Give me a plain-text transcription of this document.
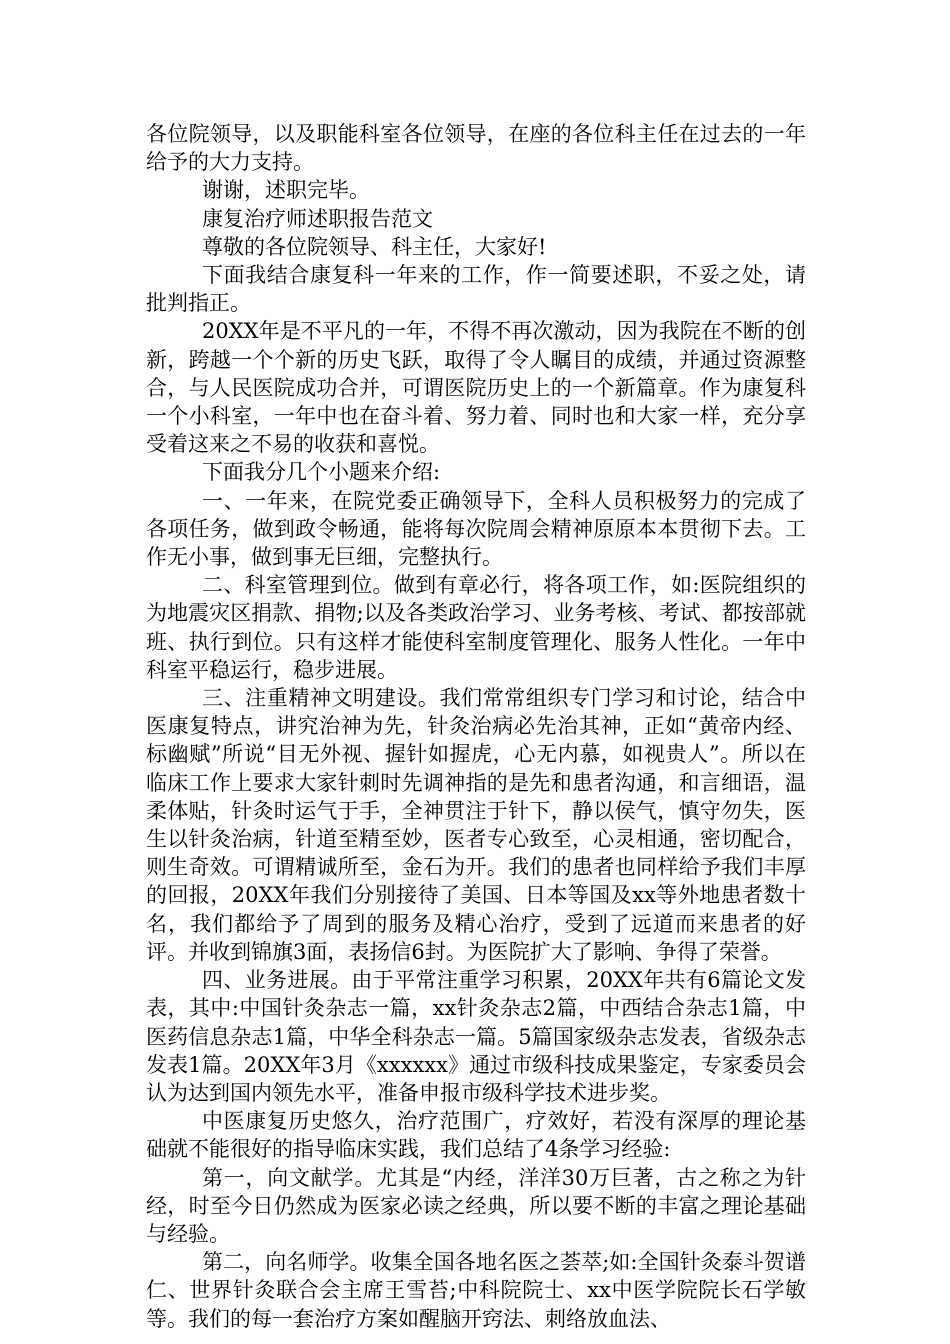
各位院领导，以及职能科室各位领导，在座的各位科主任在过去的一年给予的大力支持。

谢谢，述职完毕。

康复治疗师述职报告范文

尊敬的各位院领导、科主任，大家好!

下面我结合康复科一年来的工作，作一简要述职，不妥之处，请批判指正。

20XX年是不平凡的一年，不得不再次激动，因为我院在不断的创新，跨越一个个新的历史飞跃，取得了令人瞩目的成绩，并通过资源整合，与人民医院成功合并，可谓医院历史上的一个新篇章。作为康复科一个小科室，一年中也在奋斗着、努力着、同时也和大家一样，充分享受着这来之不易的收获和喜悦。

下面我分几个小题来介绍:

一、一年来，在院党委正确领导下，全科人员积极努力的完成了各项任务，做到政令畅通，能将每次院周会精神原原本本贯彻下去。工作无小事，做到事无巨细，完整执行。

二、科室管理到位。做到有章必行，将各项工作，如:医院组织的为地震灾区捐款、捐物;以及各类政治学习、业务考核、考试、都按部就班、执行到位。只有这样才能使科室制度管理化、服务人性化。一年中科室平稳运行，稳步进展。

三、注重精神文明建设。我们常常组织专门学习和讨论，结合中医康复特点，讲究治神为先，针灸治病必先治其神，正如“黄帝内经、标幽赋”所说“目无外视、握针如握虎，心无内慕，如视贵人”。所以在临床工作上要求大家针刺时先调神指的是先和患者沟通，和言细语，温柔体贴，针灸时运气于手，全神贯注于针下，静以侯气，慎守勿失，医生以针灸治病，针道至精至妙，医者专心致至，心灵相通，密切配合，则生奇效。可谓精诚所至，金石为开。我们的患者也同样给予我们丰厚的回报，20XX年我们分别接待了美国、日本等国及xx等外地患者数十名，我们都给予了周到的服务及精心治疗，受到了远道而来患者的好评。并收到锦旗3面，表扬信6封。为医院扩大了影响、争得了荣誉。

四、业务进展。由于平常注重学习积累，20XX年共有6篇论文发表，其中:中国针灸杂志一篇，xx针灸杂志2篇，中西结合杂志1篇，中医药信息杂志1篇，中华全科杂志一篇。5篇国家级杂志发表，省级杂志发表1篇。20XX年3月《xxxxxx》通过市级科技成果鉴定，专家委员会认为达到国内领先水平，准备申报市级科学技术进步奖。

中医康复历史悠久，治疗范围广，疗效好，若没有深厚的理论基础就不能很好的指导临床实践，我们总结了4条学习经验:

第一，向文献学。尤其是“内经，洋洋30万巨著，古之称之为针经，时至今日仍然成为医家必读之经典，所以要不断的丰富之理论基础与经验。

第二，向名师学。收集全国各地名医之荟萃;如:全国针灸泰斗贺谱仁、世界针灸联合会主席王雪苔;中科院院士、xx中医学院院长石学敏等。我们的每一套治疗方案如醒脑开窍法、刺络放血法、
